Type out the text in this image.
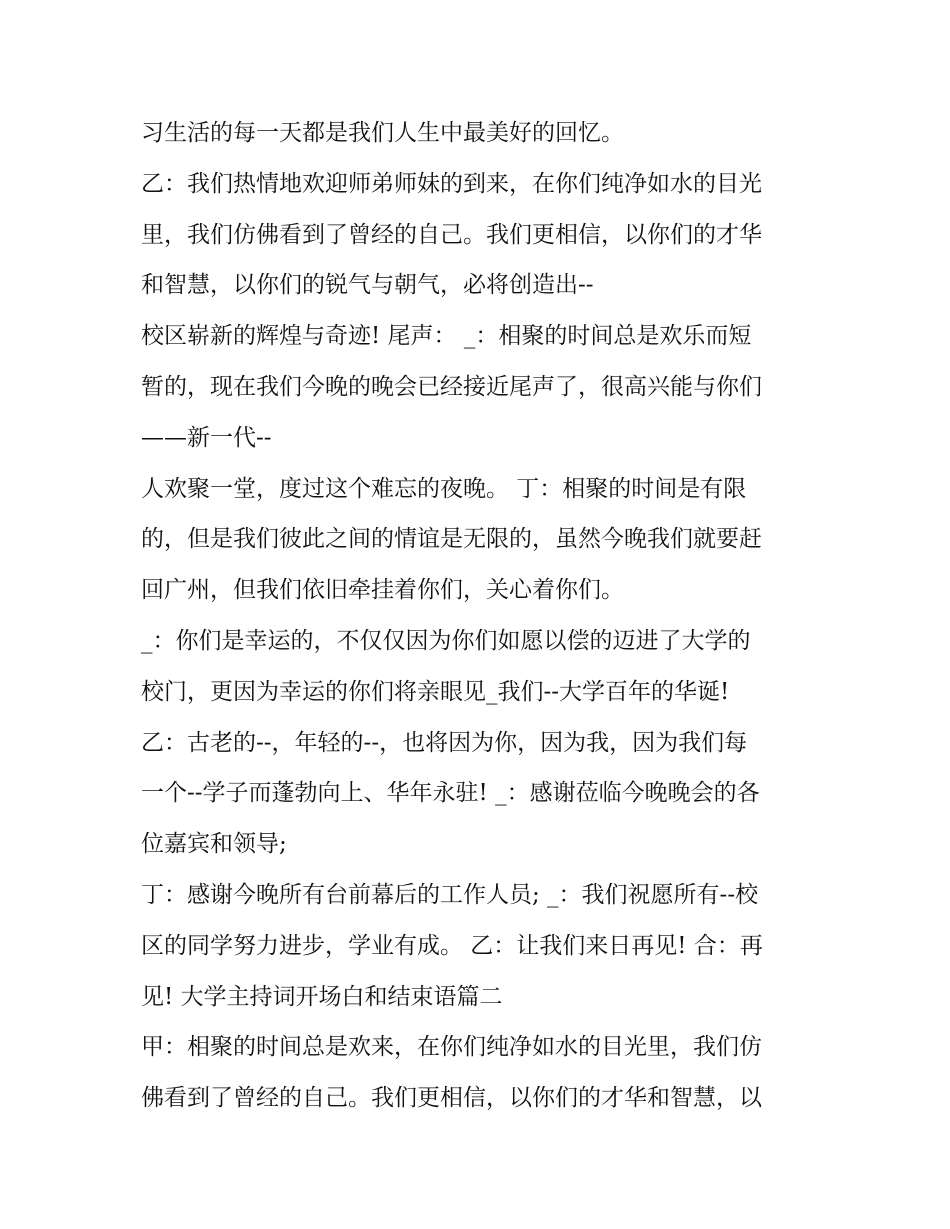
习生活的每一天都是我们人生中最美好的回忆。

乙：我们热情地欢迎师弟师妹的到来，在你们纯净如水的目光

里，我们仿佛看到了曾经的自己。我们更相信，以你们的才华

和智慧，以你们的锐气与朝气，必将创造出--

校区崭新的辉煌与奇迹! 尾声： _：相聚的时间总是欢乐而短

暂的，现在我们今晚的晚会已经接近尾声了，很高兴能与你们

——新一代--

人欢聚一堂，度过这个难忘的夜晚。 丁：相聚的时间是有限

的，但是我们彼此之间的情谊是无限的，虽然今晚我们就要赶

回广州，但我们依旧牵挂着你们，关心着你们。

_：你们是幸运的，不仅仅因为你们如愿以偿的迈进了大学的

校门，更因为幸运的你们将亲眼见_我们--大学百年的华诞!

乙：古老的--，年轻的--，也将因为你，因为我，因为我们每

一个--学子而蓬勃向上、华年永驻! _：感谢莅临今晚晚会的各

位嘉宾和领导;

丁：感谢今晚所有台前幕后的工作人员; _：我们祝愿所有--校

区的同学努力进步，学业有成。 乙：让我们来日再见! 合：再

见! 大学主持词开场白和结束语篇二

甲：相聚的时间总是欢来，在你们纯净如水的目光里，我们仿

佛看到了曾经的自己。我们更相信，以你们的才华和智慧，以
